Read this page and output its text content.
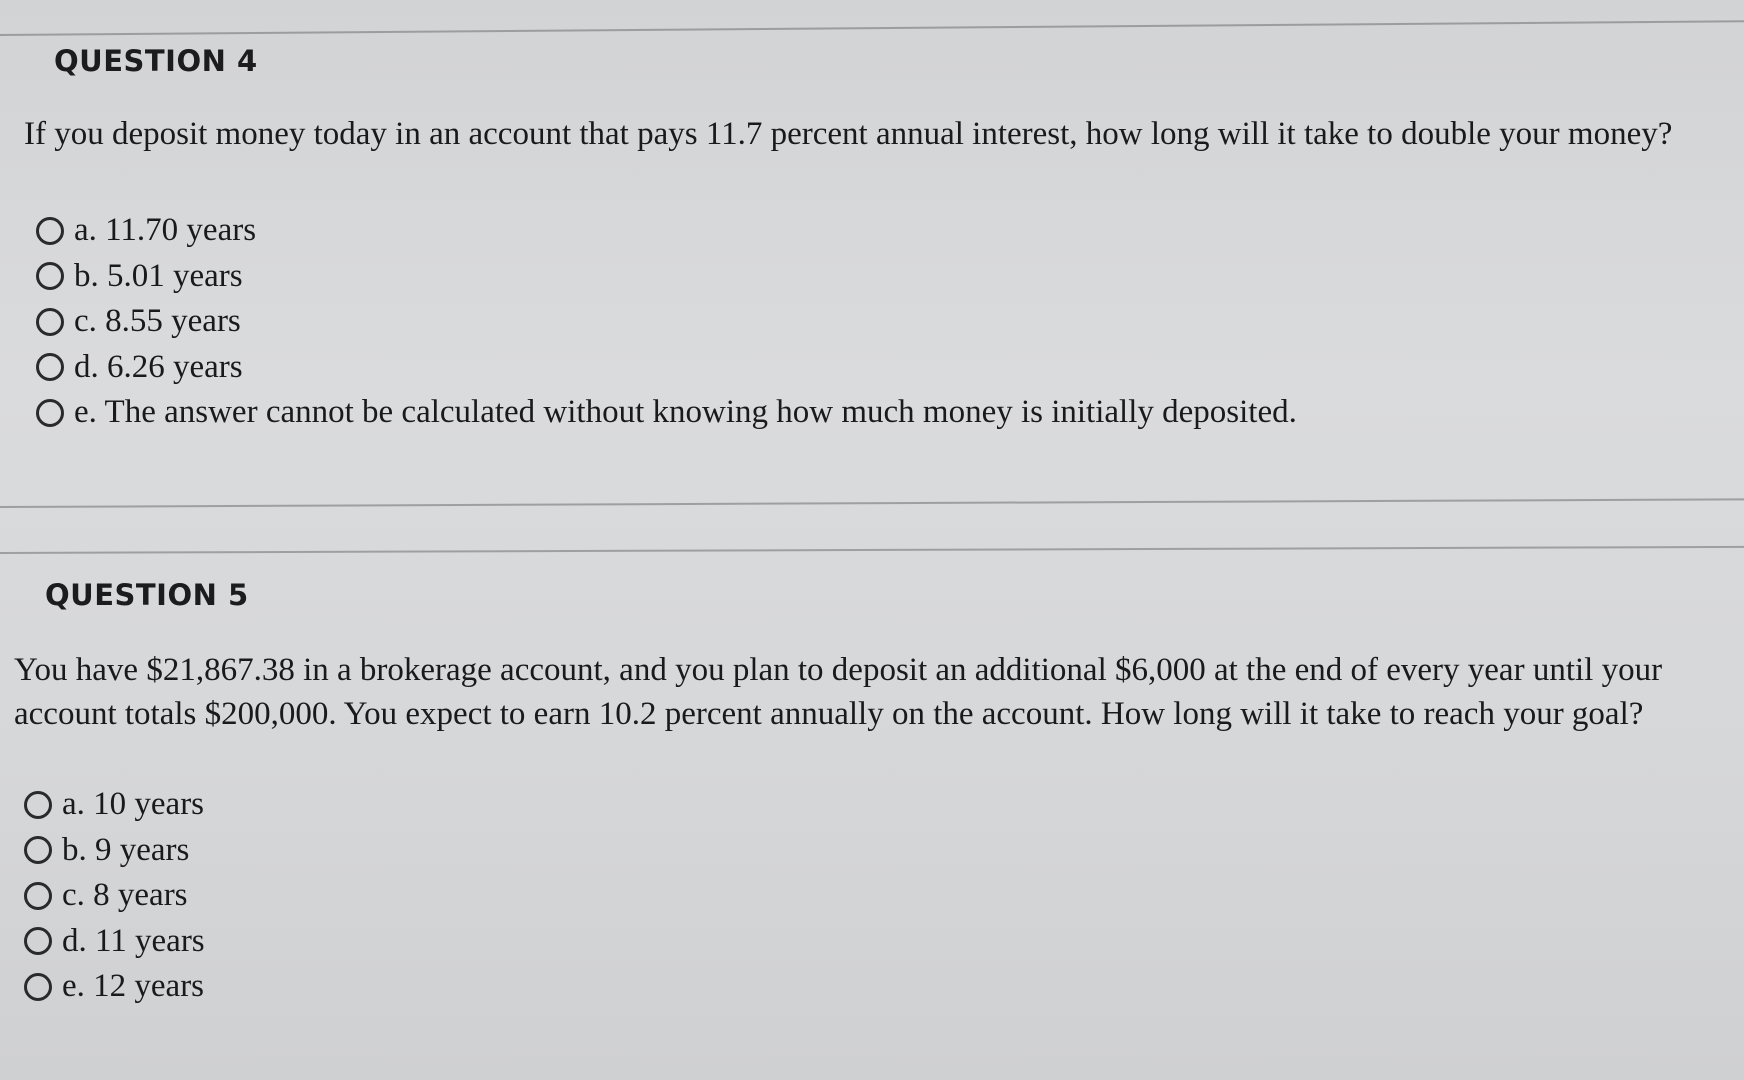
QUESTION 4
If you deposit money today in an account that pays 11.7 percent annual interest, how long will it take to double your money?
a. 11.70 years
b. 5.01 years
c. 8.55 years
d. 6.26 years
e. The answer cannot be calculated without knowing how much money is initially deposited.
QUESTION 5
You have $21,867.38 in a brokerage account, and you plan to deposit an additional $6,000 at the end of every year until your account totals $200,000. You expect to earn 10.2 percent annually on the account. How long will it take to reach your goal?
a. 10 years
b. 9 years
c. 8 years
d. 11 years
e. 12 years
